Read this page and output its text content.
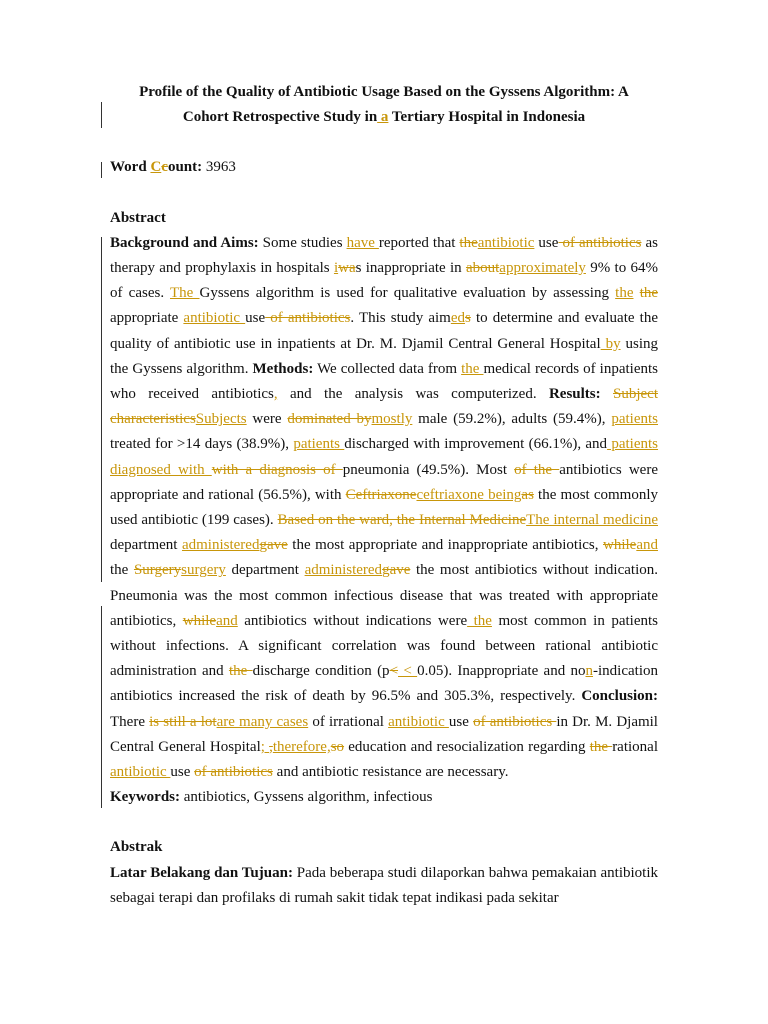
Profile of the Quality of Antibiotic Usage Based on the Gyssens Algorithm: A
Cohort Retrospective Study in a Tertiary Hospital in Indonesia
Word Ccount: 3963
Abstract

Background and Aims: Some studies have reported that theantibiotic use of antibiotics as therapy and prophylaxis in hospitals iwas inappropriate in aboutapproximately 9% to 64% of cases. The Gyssens algorithm is used for qualitative evaluation by assessing the the appropriate antibiotic use of antibiotics. This study aimeds to determine and evaluate the quality of antibiotic use in inpatients at Dr. M. Djamil Central General Hospital by using the Gyssens algorithm. Methods: We collected data from the medical records of inpatients who received antibiotics, and the analysis was computerized. Results: Subject characteristicsSubjects were dominated bymostly male (59.2%), adults (59.4%), patients treated for >14 days (38.9%), patients discharged with improvement (66.1%), and patients diagnosed with with a diagnosis of pneumonia (49.5%). Most of the antibiotics were appropriate and rational (56.5%), with Ceftriaxoneceftriaxone beingas the most commonly used antibiotic (199 cases). Based on the ward, the Internal MedicineThe internal medicine department administeredgave the most appropriate and inappropriate antibiotics, whileand the Surgerysurgery department administeredgave the most antibiotics without indication. Pneumonia was the most common infectious disease that was treated with appropriate antibiotics, whileand antibiotics without indications were the most common in patients without infections. A significant correlation was found between rational antibiotic administration and the discharge condition (p< < 0.05). Inappropriate and non-indication antibiotics increased the risk of death by 96.5% and 305.3%, respectively. Conclusion: There is still a lotare many cases of irrational antibiotic use of antibiotics in Dr. M. Djamil Central General Hospital; ,therefore,so education and resocialization regarding the rational antibiotic use of antibiotics and antibiotic resistance are necessary.

Keywords: antibiotics, Gyssens algorithm, infectious
Abstrak

Latar Belakang dan Tujuan: Pada beberapa studi dilaporkan bahwa pemakaian antibiotik sebagai terapi dan profilaks di rumah sakit tidak tepat indikasi pada sekitar
